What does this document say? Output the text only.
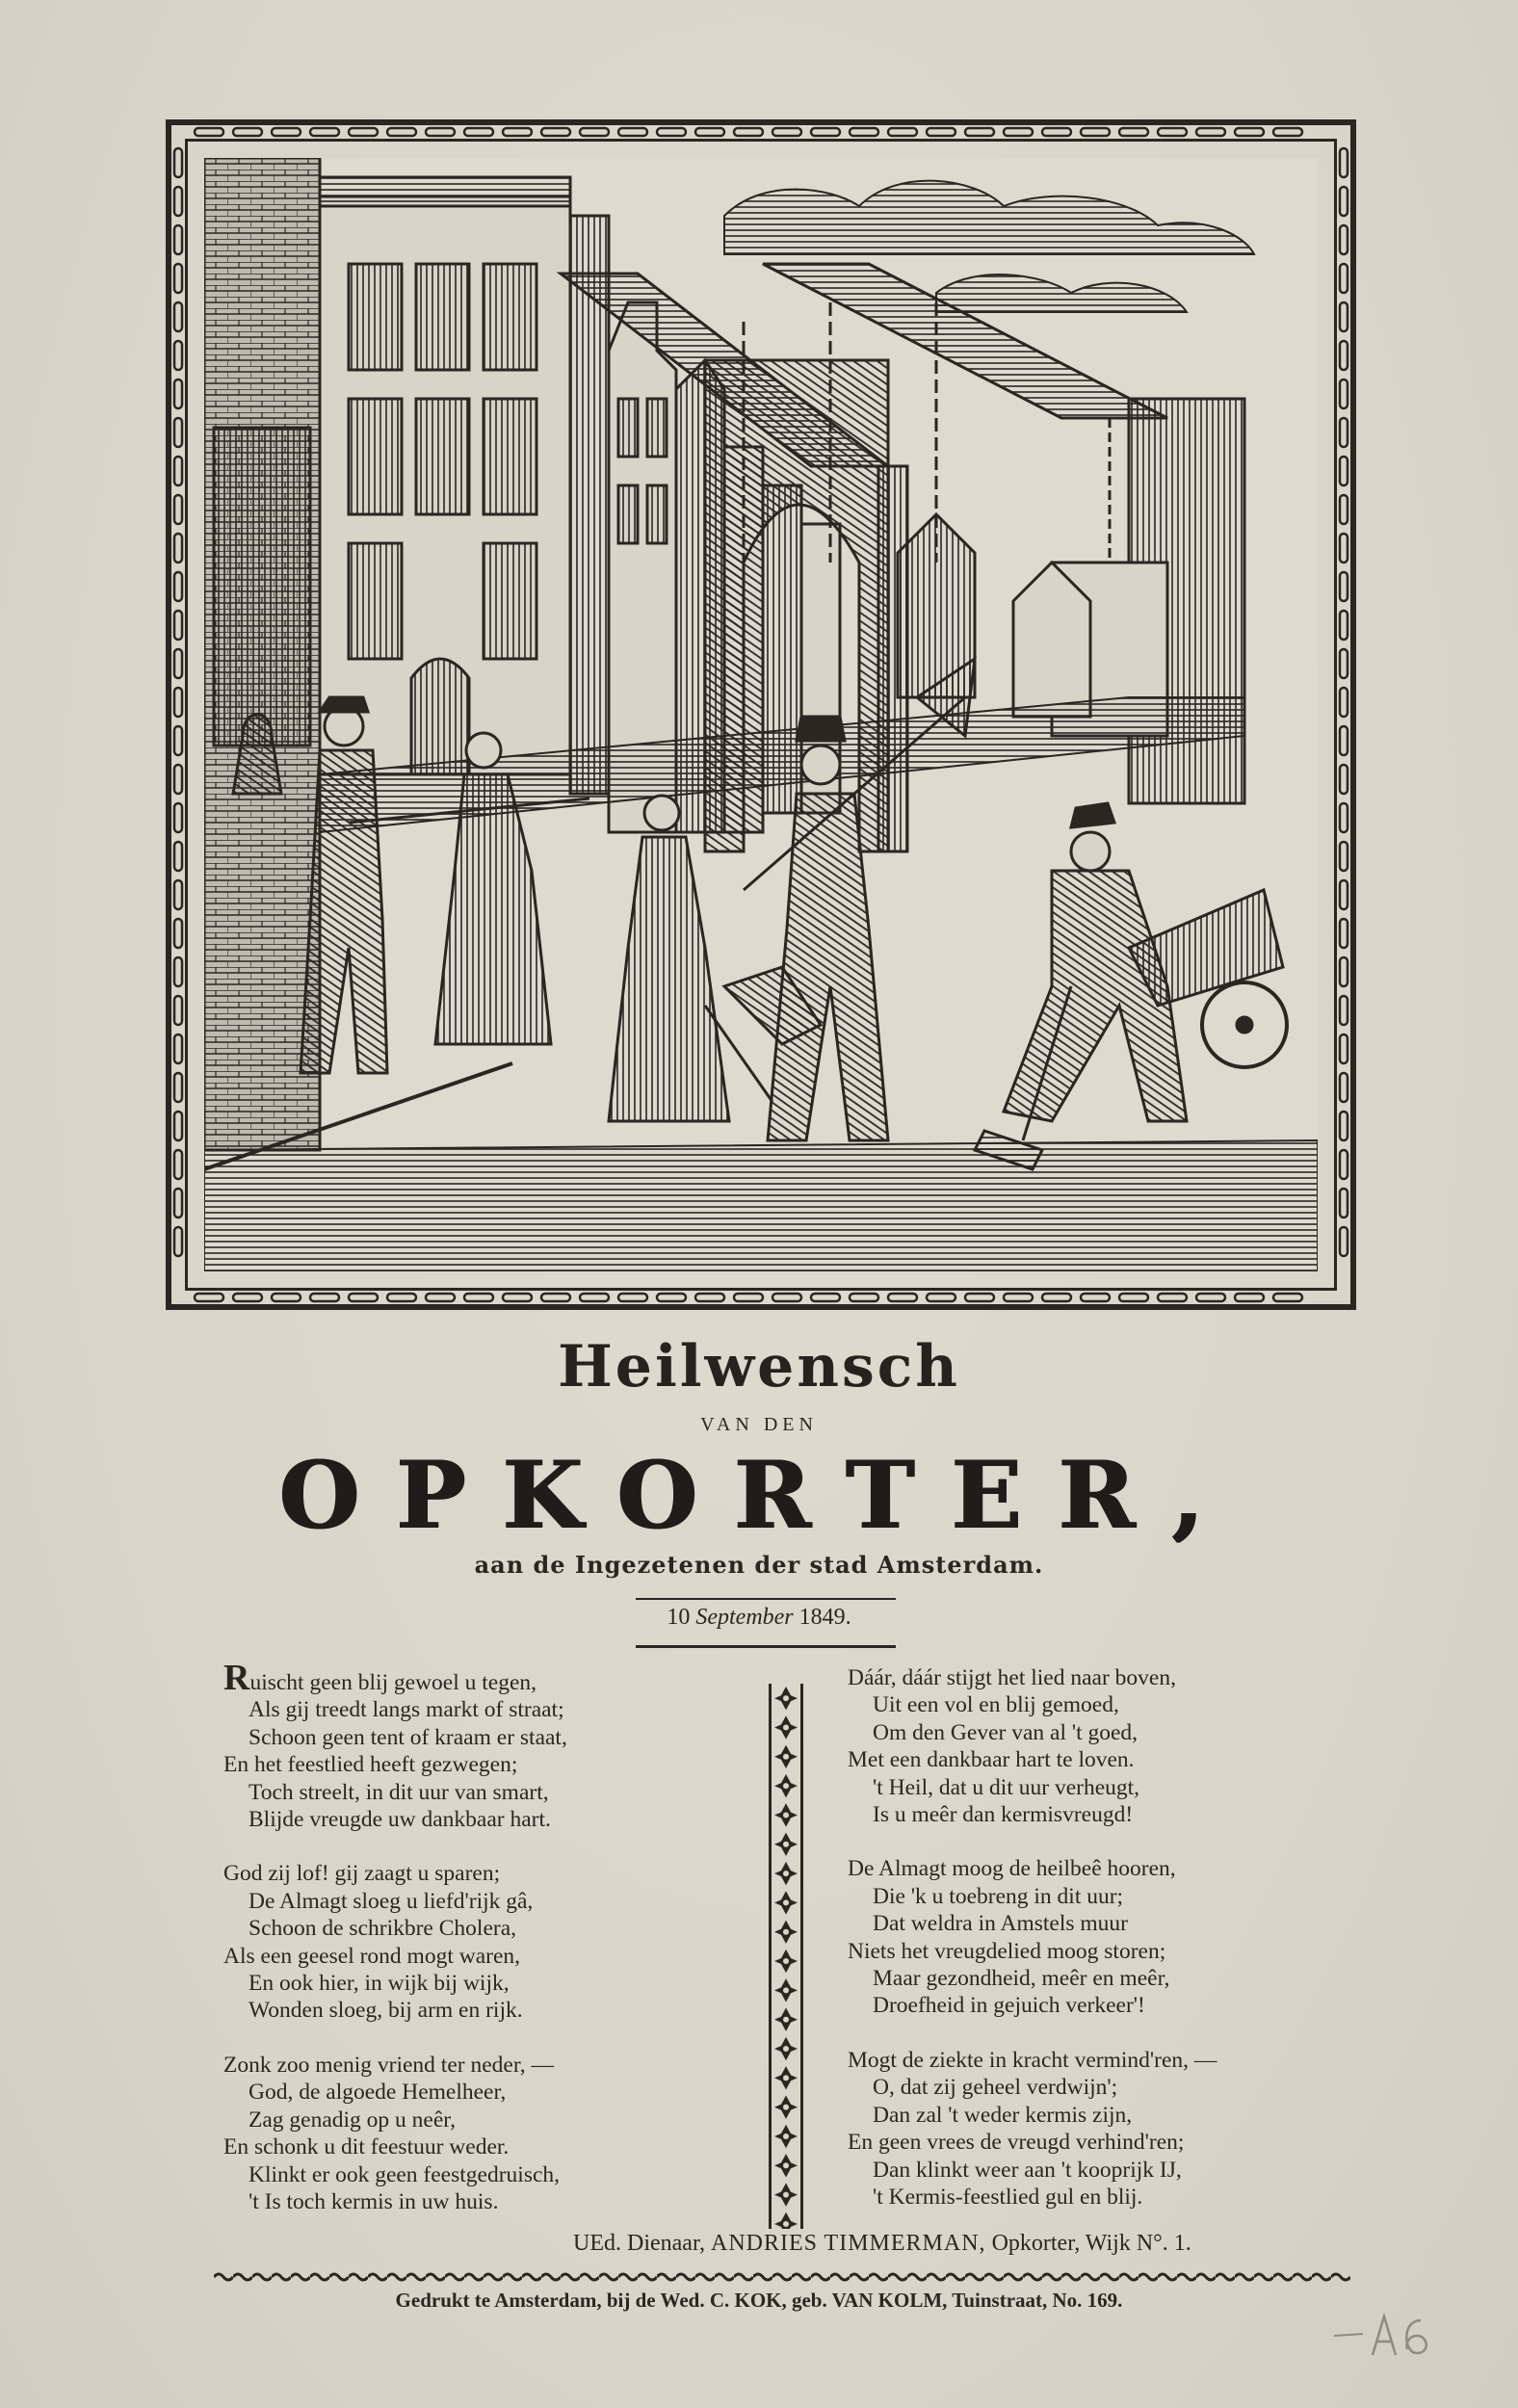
Heilwensch
VAN DEN
OPKORTER,
aan de Ingezetenen der stad Amsterdam.
10 September 1849.
Ruischt geen blij gewoel u tegen,
Als gij treedt langs markt of straat;
Schoon geen tent of kraam er staat,
En het feestlied heeft gezwegen;
Toch streelt, in dit uur van smart,
Blijde vreugde uw dankbaar hart.
God zij lof! gij zaagt u sparen;
De Almagt sloeg u liefd'rijk gâ,
Schoon de schrikbre Cholera,
Als een geesel rond mogt waren,
En ook hier, in wijk bij wijk,
Wonden sloeg, bij arm en rijk.
Zonk zoo menig vriend ter neder, —
God, de algoede Hemelheer,
Zag genadig op u neêr,
En schonk u dit feestuur weder.
Klinkt er ook geen feestgedruisch,
't Is toch kermis in uw huis.
Dáár, dáár stijgt het lied naar boven,
Uit een vol en blij gemoed,
Om den Gever van al 't goed,
Met een dankbaar hart te loven.
't Heil, dat u dit uur verheugt,
Is u meêr dan kermisvreugd!
De Almagt moog de heilbeê hooren,
Die 'k u toebreng in dit uur;
Dat weldra in Amstels muur
Niets het vreugdelied moog storen;
Maar gezondheid, meêr en meêr,
Droefheid in gejuich verkeer'!
Mogt de ziekte in kracht vermind'ren, —
O, dat zij geheel verdwijn';
Dan zal 't weder kermis zijn,
En geen vrees de vreugd verhind'ren;
Dan klinkt weer aan 't kooprijk IJ,
't Kermis-feestlied gul en blij.
UEd. Dienaar, ANDRIES TIMMERMAN, Opkorter, Wijk N°. 1.
Gedrukt te Amsterdam, bij de Wed. C. KOK, geb. VAN KOLM, Tuinstraat, No. 169.
